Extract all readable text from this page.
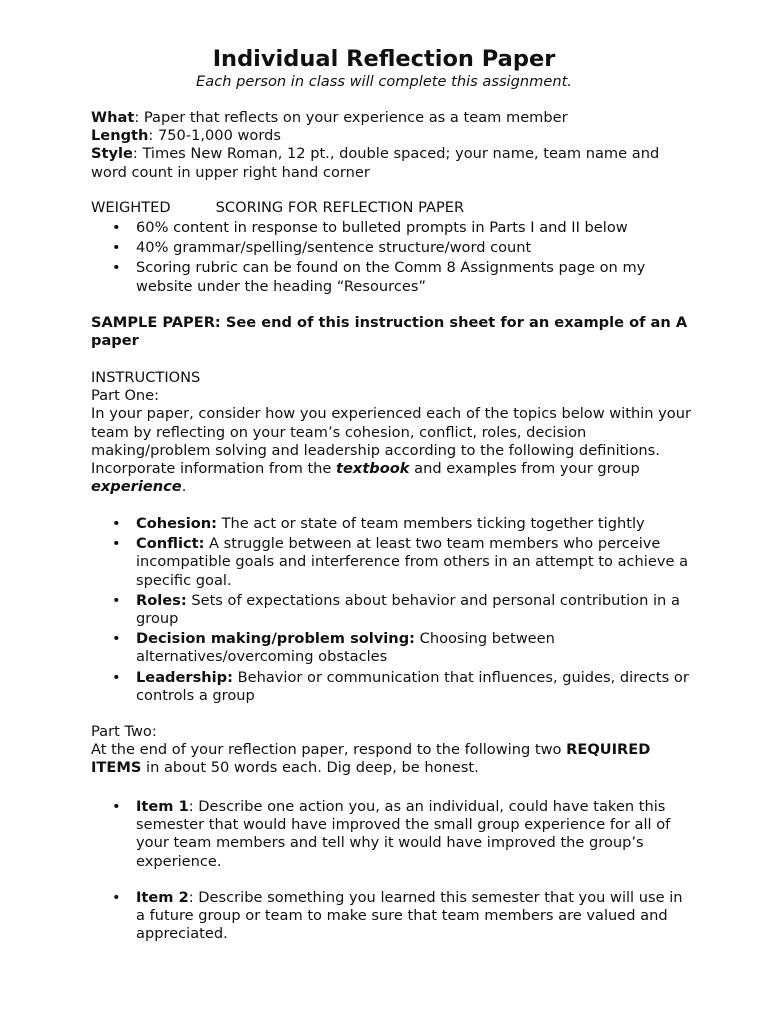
Individual Reflection Paper

Each person in class will complete this assignment.

What: Paper that reflects on your experience as a team member

Length: 750-1,000 words

Style: Times New Roman, 12 pt., double spaced; your name, team name and word count in upper right hand corner

WEIGHTED	SCORING FOR REFLECTION PAPER

• 60% content in response to bulleted prompts in Parts I and II below
• 40% grammar/spelling/sentence structure/word count
• Scoring rubric can be found on the Comm 8 Assignments page on my website under the heading “Resources”

SAMPLE PAPER: See end of this instruction sheet for an example of an A paper

INSTRUCTIONS

Part One:

In your paper, consider how you experienced each of the topics below within your team by reflecting on your team’s cohesion, conflict, roles, decision making/problem solving and leadership according to the following definitions. Incorporate information from the textbook and examples from your group experience.

• Cohesion: The act or state of team members ticking together tightly
• Conflict: A struggle between at least two team members who perceive incompatible goals and interference from others in an attempt to achieve a specific goal.
• Roles: Sets of expectations about behavior and personal contribution in a group
• Decision making/problem solving: Choosing between alternatives/overcoming obstacles
• Leadership: Behavior or communication that influences, guides, directs or controls a group

Part Two:

At the end of your reflection paper, respond to the following two REQUIRED ITEMS in about 50 words each. Dig deep, be honest.

• Item 1: Describe one action you, as an individual, could have taken this semester that would have improved the small group experience for all of your team members and tell why it would have improved the group’s experience.
• Item 2: Describe something you learned this semester that you will use in a future group or team to make sure that team members are valued and appreciated.
